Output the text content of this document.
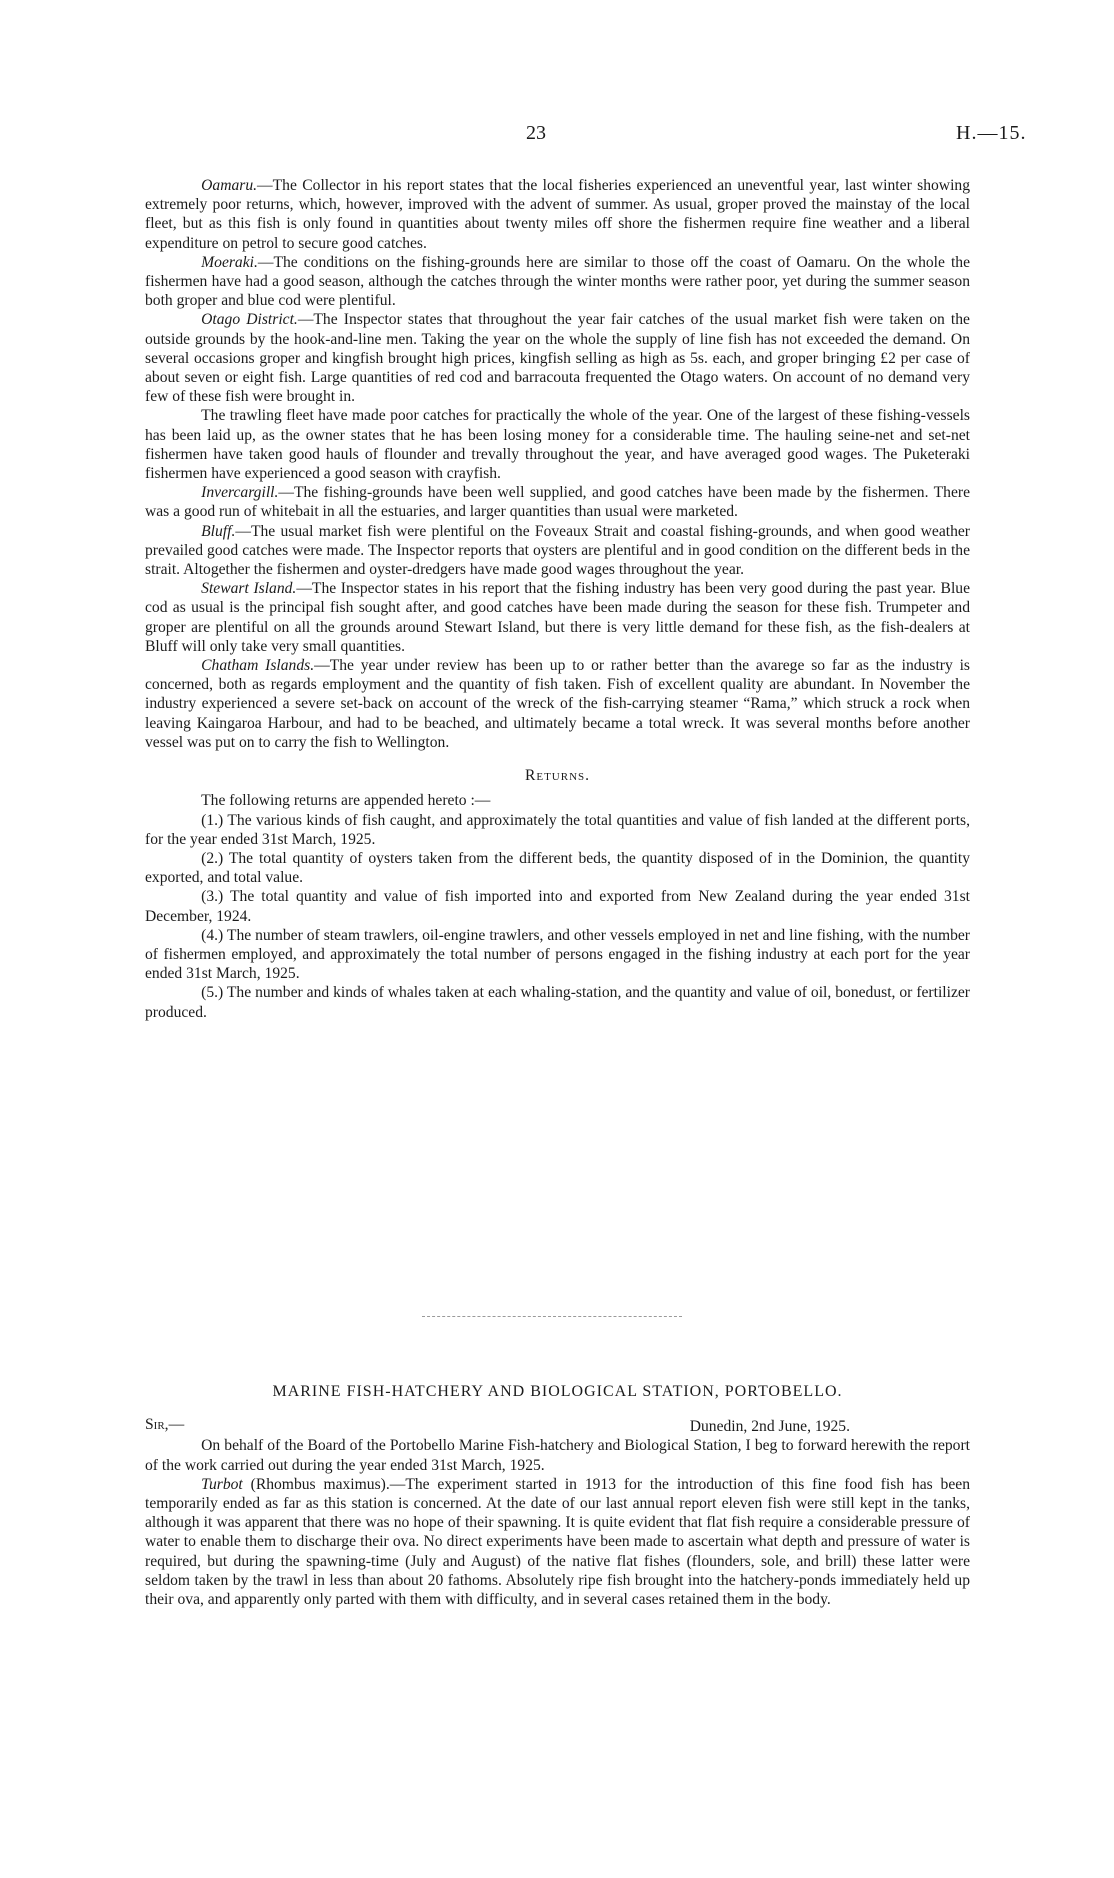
23	H.—15.

Oamaru.—The Collector in his report states that the local fisheries experienced an uneventful year, last winter showing extremely poor returns, which, however, improved with the advent of summer. As usual, groper proved the mainstay of the local fleet, but as this fish is only found in quantities about twenty miles off shore the fishermen require fine weather and a liberal expenditure on petrol to secure good catches.

Moeraki.—The conditions on the fishing-grounds here are similar to those off the coast of Oamaru. On the whole the fishermen have had a good season, although the catches through the winter months were rather poor, yet during the summer season both groper and blue cod were plentiful.

Otago District.—The Inspector states that throughout the year fair catches of the usual market fish were taken on the outside grounds by the hook-and-line men. Taking the year on the whole the supply of line fish has not exceeded the demand. On several occasions groper and kingfish brought high prices, kingfish selling as high as 5s. each, and groper bringing £2 per case of about seven or eight fish. Large quantities of red cod and barracouta frequented the Otago waters. On account of no demand very few of these fish were brought in.

The trawling fleet have made poor catches for practically the whole of the year. One of the largest of these fishing-vessels has been laid up, as the owner states that he has been losing money for a considerable time. The hauling seine-net and set-net fishermen have taken good hauls of flounder and trevally throughout the year, and have averaged good wages. The Puketeraki fishermen have experienced a good season with crayfish.

Invercargill.—The fishing-grounds have been well supplied, and good catches have been made by the fishermen. There was a good run of whitebait in all the estuaries, and larger quantities than usual were marketed.

Bluff.—The usual market fish were plentiful on the Foveaux Strait and coastal fishing-grounds, and when good weather prevailed good catches were made. The Inspector reports that oysters are plentiful and in good condition on the different beds in the strait. Altogether the fishermen and oyster-dredgers have made good wages throughout the year.

Stewart Island.—The Inspector states in his report that the fishing industry has been very good during the past year. Blue cod as usual is the principal fish sought after, and good catches have been made during the season for these fish. Trumpeter and groper are plentiful on all the grounds around Stewart Island, but there is very little demand for these fish, as the fish-dealers at Bluff will only take very small quantities.

Chatham Islands.—The year under review has been up to or rather better than the avarege so far as the industry is concerned, both as regards employment and the quantity of fish taken. Fish of excellent quality are abundant. In November the industry experienced a severe set-back on account of the wreck of the fish-carrying steamer “Rama,” which struck a rock when leaving Kaingaroa Harbour, and had to be beached, and ultimately became a total wreck. It was several months before another vessel was put on to carry the fish to Wellington.

Returns.

The following returns are appended hereto :—

(1.) The various kinds of fish caught, and approximately the total quantities and value of fish landed at the different ports, for the year ended 31st March, 1925.

(2.) The total quantity of oysters taken from the different beds, the quantity disposed of in the Dominion, the quantity exported, and total value.

(3.) The total quantity and value of fish imported into and exported from New Zealand during the year ended 31st December, 1924.

(4.) The number of steam trawlers, oil-engine trawlers, and other vessels employed in net and line fishing, with the number of fishermen employed, and approximately the total number of persons engaged in the fishing industry at each port for the year ended 31st March, 1925.

(5.) The number and kinds of whales taken at each whaling-station, and the quantity and value of oil, bonedust, or fertilizer produced.

MARINE FISH-HATCHERY AND BIOLOGICAL STATION, PORTOBELLO.
Sir,—	Dunedin, 2nd June, 1925.

On behalf of the Board of the Portobello Marine Fish-hatchery and Biological Station, I beg to forward herewith the report of the work carried out during the year ended 31st March, 1925.

Turbot (Rhombus maximus).—The experiment started in 1913 for the introduction of this fine food fish has been temporarily ended as far as this station is concerned. At the date of our last annual report eleven fish were still kept in the tanks, although it was apparent that there was no hope of their spawning. It is quite evident that flat fish require a considerable pressure of water to enable them to discharge their ova. No direct experiments have been made to ascertain what depth and pressure of water is required, but during the spawning-time (July and August) of the native flat fishes (flounders, sole, and brill) these latter were seldom taken by the trawl in less than about 20 fathoms. Absolutely ripe fish brought into the hatchery-ponds immediately held up their ova, and apparently only parted with them with difficulty, and in several cases retained them in the body.
